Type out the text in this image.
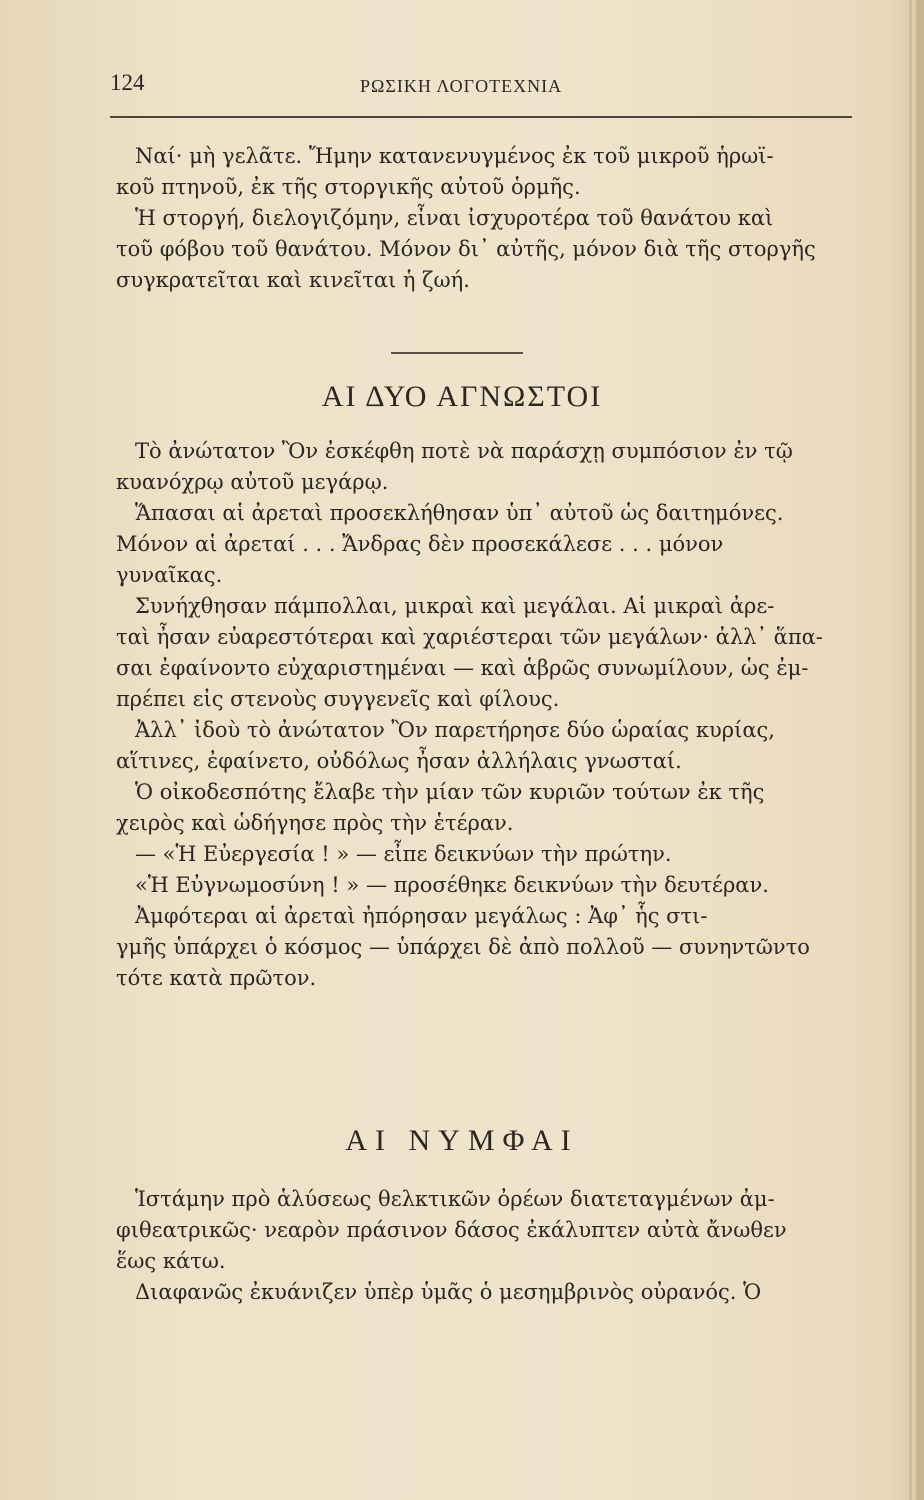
124	ΡΩΣΙΚΗ ΛΟΓΟΤΕΧΝΙΑ

Ναί· μὴ γελᾶτε. Ἤμην κατανενυγμένος ἐκ τοῦ μικροῦ ἡρωϊ-

κοῦ πτηνοῦ, ἐκ τῆς στοργικῆς αὐτοῦ ὁρμῆς.

Ἡ στοργή, διελογιζόμην, εἶναι ἰσχυροτέρα τοῦ θανάτου καὶ

τοῦ φόβου τοῦ θανάτου. Μόνον δι᾿ αὐτῆς, μόνον διὰ τῆς στοργῆς

συγκρατεῖται καὶ κινεῖται ἡ ζωή.

ΑΙ ΔΥΟ ΑΓΝΩΣΤΟΙ

Τὸ ἀνώτατον Ὂν ἐσκέφθη ποτὲ νὰ παράσχῃ συμπόσιον ἐν τῷ

κυανόχρῳ αὐτοῦ μεγάρῳ.

Ἅπασαι αἱ ἀρεταὶ προσεκλήθησαν ὑπ᾿ αὐτοῦ ὡς δαιτημόνες.

Μόνον αἱ ἀρεταί . . . Ἄνδρας δὲν προσεκάλεσε . . . μόνον

γυναῖκας.

Συνήχθησαν πάμπολλαι, μικραὶ καὶ μεγάλαι. Αἱ μικραὶ ἀρε-

ταὶ ἦσαν εὐαρεστότεραι καὶ χαριέστεραι τῶν μεγάλων· ἀλλ᾿ ἅπα-

σαι ἐφαίνοντο εὐχαριστημέναι — καὶ ἁβρῶς συνωμίλουν, ὡς ἐμ-

πρέπει εἰς στενοὺς συγγενεῖς καὶ φίλους.

Ἀλλ᾿ ἰδοὺ τὸ ἀνώτατον Ὂν παρετήρησε δύο ὡραίας κυρίας,

αἵτινες, ἐφαίνετο, οὐδόλως ἦσαν ἀλλήλαις γνωσταί.

Ὁ οἰκοδεσπότης ἔλαβε τὴν μίαν τῶν κυριῶν τούτων ἐκ τῆς

χειρὸς καὶ ὡδήγησε πρὸς τὴν ἑτέραν.

— «Ἡ Εὐεργεσία ! » — εἶπε δεικνύων τὴν πρώτην.

«Ἡ Εὐγνωμοσύνη ! » — προσέθηκε δεικνύων τὴν δευτέραν.

Ἀμφότεραι αἱ ἀρεταὶ ἠπόρησαν μεγάλως : Ἀφ᾿ ἧς στι-

γμῆς ὑπάρχει ὁ κόσμος — ὑπάρχει δὲ ἀπὸ πολλοῦ — συνηντῶντο

τότε κατὰ πρῶτον.

ΑΙ ΝΥΜΦΑΙ

Ἱστάμην πρὸ ἁλύσεως θελκτικῶν ὀρέων διατεταγμένων ἀμ-

φιθεατρικῶς· νεαρὸν πράσινον δάσος ἐκάλυπτεν αὐτὰ ἄνωθεν

ἕως κάτω.

Διαφανῶς ἐκυάνιζεν ὑπὲρ ὑμᾶς ὁ μεσημβρινὸς οὐρανός. Ὁ
